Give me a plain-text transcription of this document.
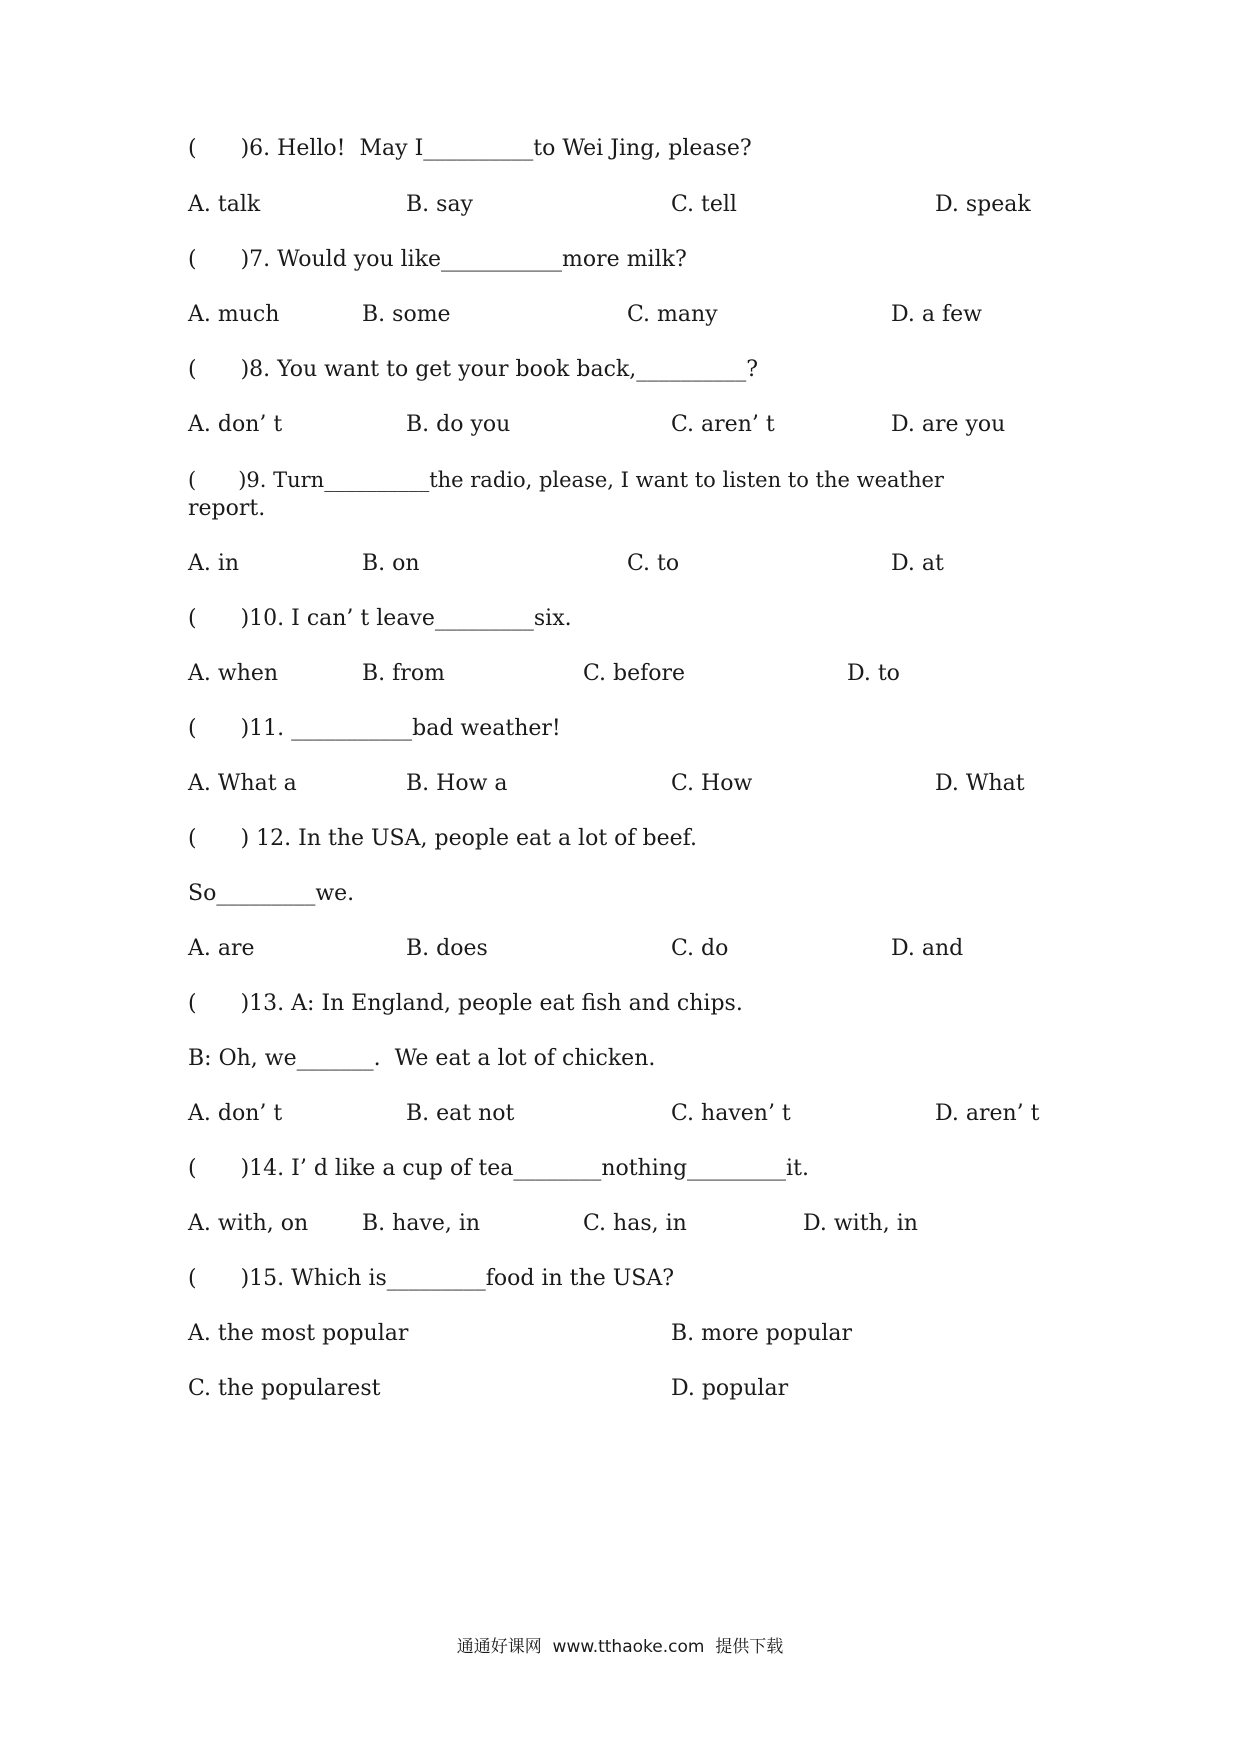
(　　)6. Hello!  May I__________to Wei Jing, please?
A. talk	B. say	C. tell	D. speak
(　　)7. Would you like___________more milk?
A. much	B. some	C. many	D. a few
(　　)8. You want to get your book back,__________?
A. don’ t	B. do you	C. aren’ t	D. are you
(　　)9. Turn__________the radio, please, I want to listen to the weather
report.
A. in	B. on	C. to	D. at
(　　)10. I can’ t leave_________six.
A. when	B. from	C. before	D. to
(　　)11. ___________bad weather!
A. What a	B. How a	C. How	D. What
(　　) 12. In the USA, people eat a lot of beef.
So_________we.
A. are	B. does	C. do	D. and
(　　)13. A: In England, people eat fish and chips.
B: Oh, we_______.  We eat a lot of chicken.
A. don’ t	B. eat not	C. haven’ t	D. aren’ t
(　　)14. I’ d like a cup of tea________nothing_________it.
A. with, on B. have, in	C. has, in	D. with, in
(　　)15. Which is_________food in the USA?
A. the most popular	B. more popular
C. the popularest	D. popular
通通好课网  www.tthaoke.com  提供下载
